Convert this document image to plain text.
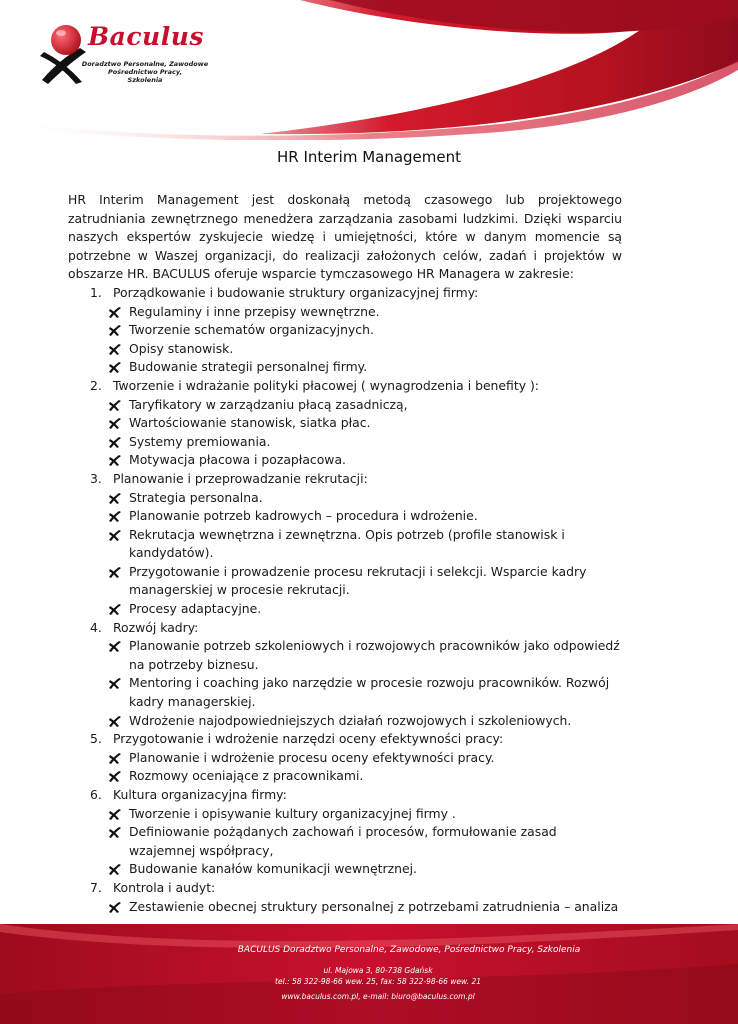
Baculus
Doradztwo Personalne, Zawodowe
Pośrednictwo Pracy,
Szkolenia
HR Interim Management

HR Interim Management jest doskonałą metodą czasowego lub projektowego zatrudniania zewnętrznego menedżera zarządzania zasobami ludzkimi. Dzięki wsparciu naszych ekspertów zyskujecie wiedzę i umiejętności, które w danym momencie są potrzebne w Waszej organizacji, do realizacji założonych celów, zadań i projektów w obszarze HR. BACULUS oferuje wsparcie tymczasowego HR Managera w zakresie:

1. Porządkowanie i budowanie struktury organizacyjnej firmy:
Regulaminy i inne przepisy wewnętrzne.
Tworzenie schematów organizacyjnych.
Opisy stanowisk.
Budowanie strategii personalnej firmy.
2. Tworzenie i wdrażanie polityki płacowej ( wynagrodzenia i benefity ):
Taryfikatory w zarządzaniu płacą zasadniczą,
Wartościowanie stanowisk, siatka płac.
Systemy premiowania.
Motywacja płacowa i pozapłacowa.
3. Planowanie i przeprowadzanie rekrutacji:
Strategia personalna.
Planowanie potrzeb kadrowych – procedura i wdrożenie.
Rekrutacja wewnętrzna i zewnętrzna. Opis potrzeb (profile stanowisk i kandydatów).
Przygotowanie i prowadzenie procesu rekrutacji i selekcji. Wsparcie kadry managerskiej w procesie rekrutacji.
Procesy adaptacyjne.
4. Rozwój kadry:
Planowanie potrzeb szkoleniowych i rozwojowych pracowników jako odpowiedź na potrzeby biznesu.
Mentoring i coaching jako narzędzie w procesie rozwoju pracowników. Rozwój kadry managerskiej.
Wdrożenie najodpowiedniejszych działań rozwojowych i szkoleniowych.
5. Przygotowanie i wdrożenie narzędzi oceny efektywności pracy:
Planowanie i wdrożenie procesu oceny efektywności pracy.
Rozmowy oceniające z pracownikami.
6. Kultura organizacyjna firmy:
Tworzenie i opisywanie kultury organizacyjnej firmy .
Definiowanie pożądanych zachowań i procesów, formułowanie zasad wzajemnej współpracy,
Budowanie kanałów komunikacji wewnętrznej.
7. Kontrola i audyt:
Zestawienie obecnej struktury personalnej z potrzebami zatrudnienia – analiza
BACULUS Doradztwo Personalne, Zawodowe, Pośrednictwo Pracy, Szkolenia
ul. Majowa 3, 80-738 Gdańsk
tel.: 58 322-98-66 wew. 25, fax: 58 322-98-66 wew. 21
www.baculus.com.pl, e-mail: biuro@baculus.com.pl
